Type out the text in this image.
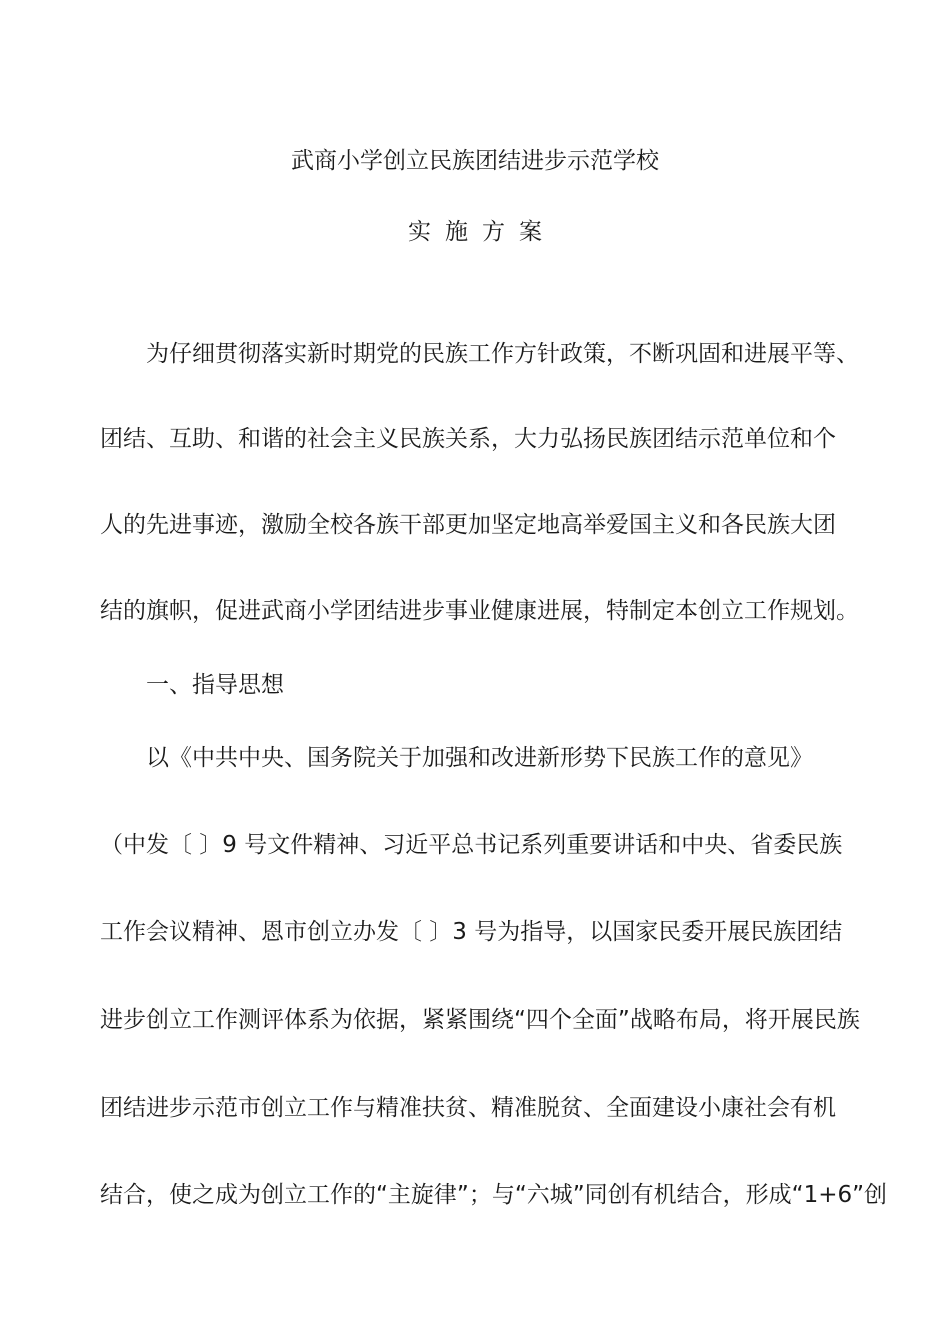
武商小学创立民族团结进步示范学校
实施方案
为仔细贯彻落实新时期党的民族工作方针政策，不断巩固和进展平等、
团结、互助、和谐的社会主义民族关系，大力弘扬民族团结示范单位和个
人的先进事迹，激励全校各族干部更加坚定地高举爱国主义和各民族大团
结的旗帜，促进武商小学团结进步事业健康进展，特制定本创立工作规划。
一、指导思想
以《中共中央、国务院关于加强和改进新形势下民族工作的意见》
（中发〔 〕9 号文件精神、习近平总书记系列重要讲话和中央、省委民族
工作会议精神、恩市创立办发〔 〕3 号为指导，以国家民委开展民族团结
进步创立工作测评体系为依据，紧紧围绕“四个全面”战略布局，将开展民族
团结进步示范市创立工作与精准扶贫、精准脱贫、全面建设小康社会有机
结合，使之成为创立工作的“主旋律”；与“六城”同创有机结合，形成“1+6”创
